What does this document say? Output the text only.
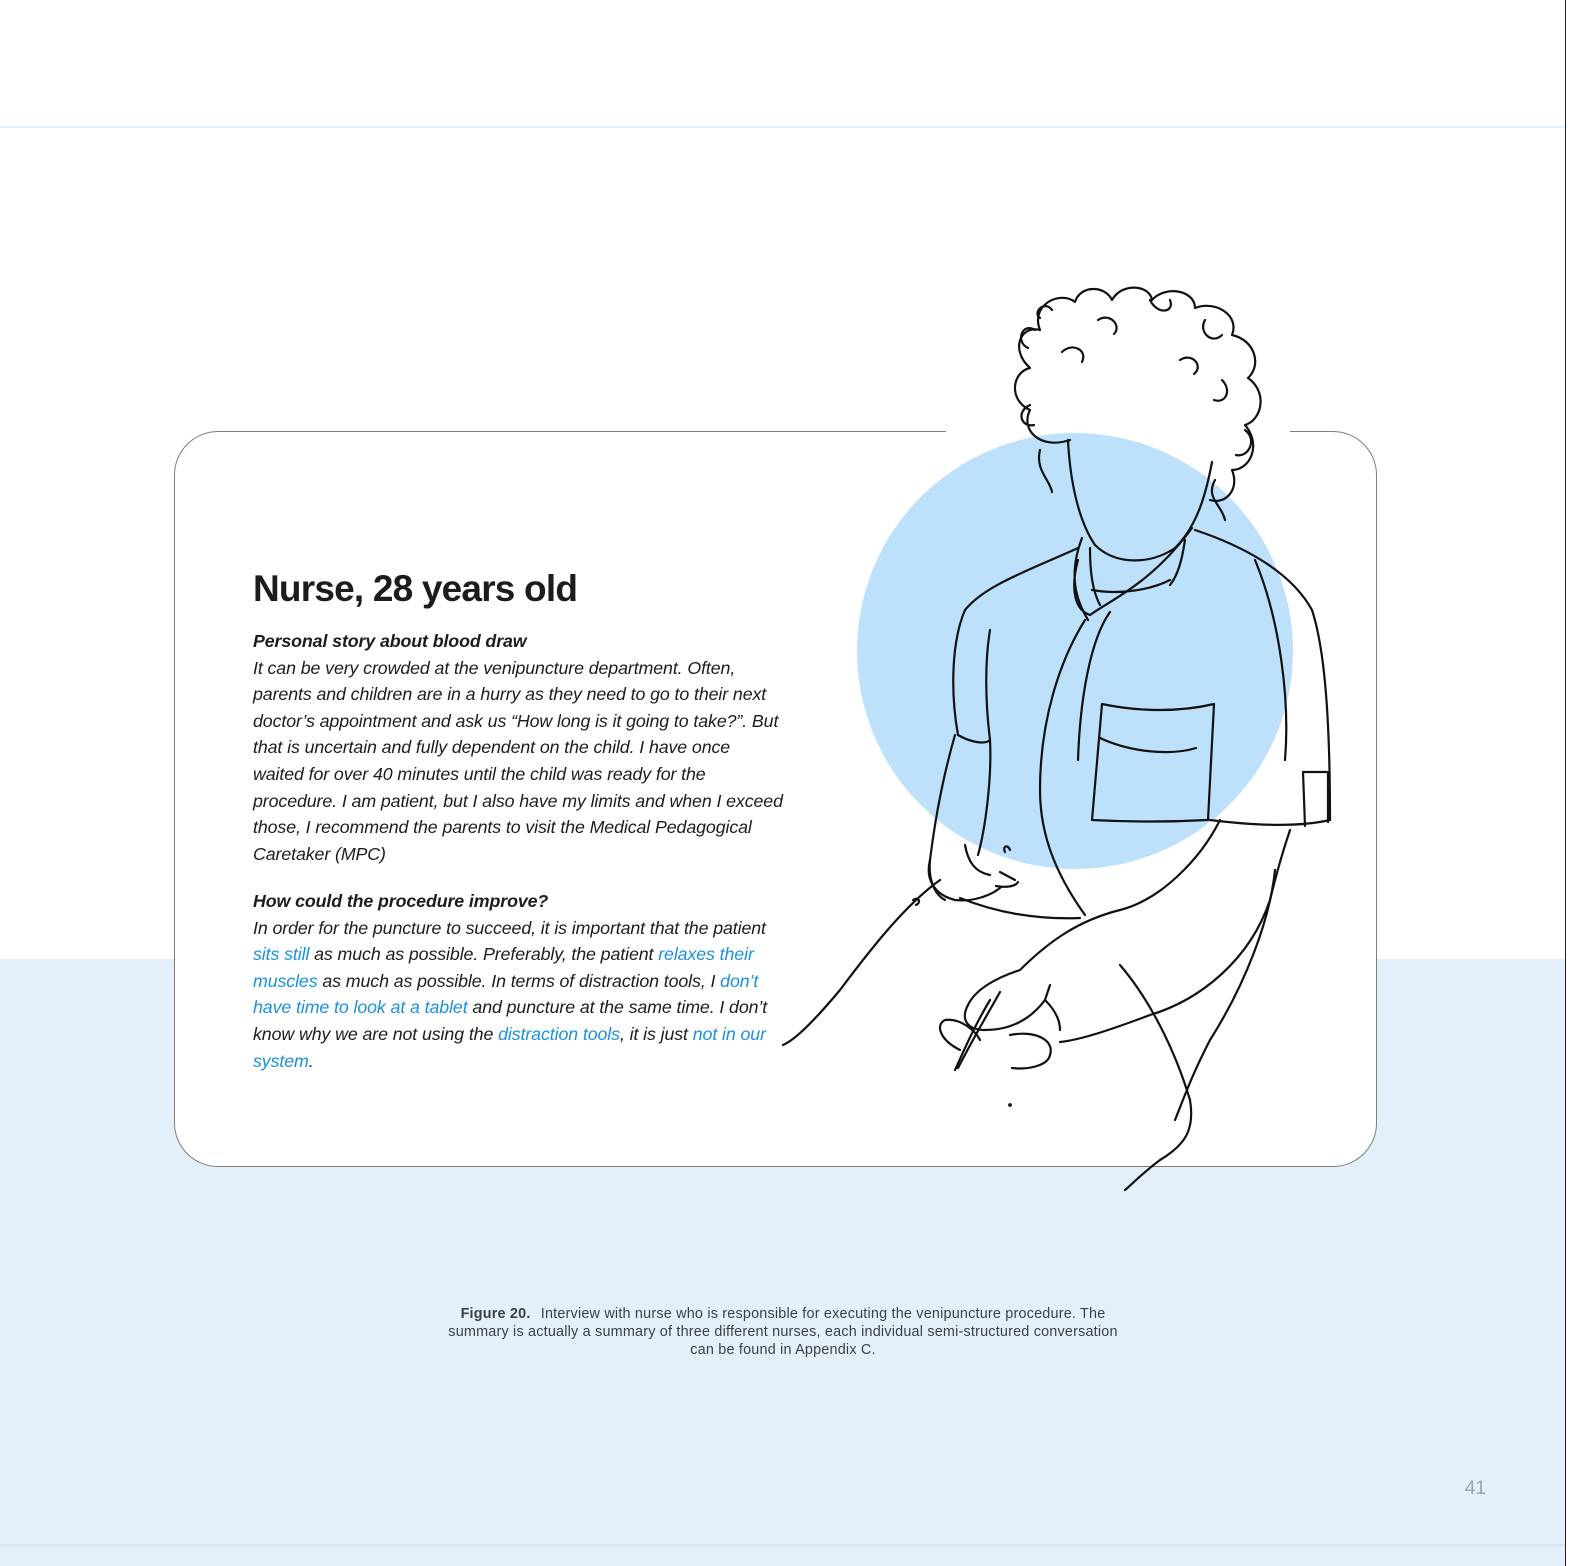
Nurse, 28 years old
Personal story about blood draw
It can be very crowded at the venipuncture department. Often, parents and children are in a hurry as they need to go to their next doctor’s appointment and ask us “How long is it going to take?”. But that is uncertain and fully dependent on the child. I have once waited for over 40 minutes until the child was ready for the procedure. I am patient, but I also have my limits and when I exceed those, I recommend the parents to visit the Medical Pedagogical Caretaker (MPC)
How could the procedure improve?
In order for the puncture to succeed, it is important that the patient sits still as much as possible. Preferably, the patient relaxes their muscles as much as possible. In terms of distraction tools, I don’t have time to look at a tablet and puncture at the same time. I don’t know why we are not using the distraction tools, it is just not in our system.
Figure 20. Interview with nurse who is responsible for executing the venipuncture procedure. The summary is actually a summary of three different nurses, each individual semi-structured conversation can be found in Appendix C.
41
